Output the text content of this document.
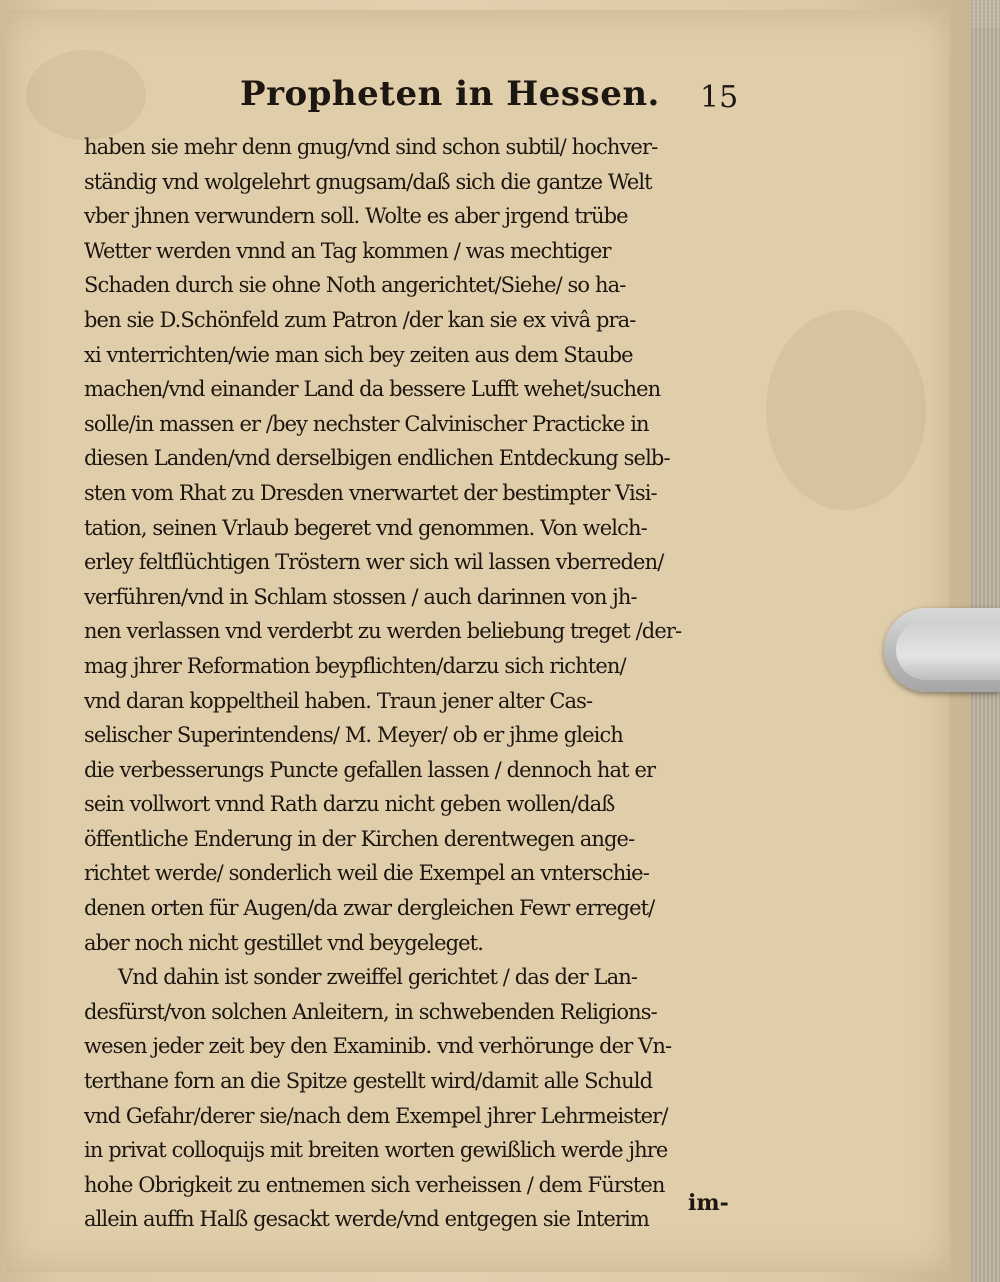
Propheten in Hessen. 15
haben sie mehr denn gnug/vnd sind schon subtil/ hochver-
ständig vnd wolgelehrt gnugsam/daß sich die gantze Welt
vber jhnen verwundern soll. Wolte es aber jrgend trübe
Wetter werden vnnd an Tag kommen / was mechtiger
Schaden durch sie ohne Noth angerichtet/Siehe/ so ha-
ben sie D.Schönfeld zum Patron /der kan sie ex vivâ pra-
xi vnterrichten/wie man sich bey zeiten aus dem Staube
machen/vnd einander Land da bessere Lufft wehet/suchen
solle/in massen er /bey nechster Calvinischer Practicke in
diesen Landen/vnd derselbigen endlichen Entdeckung selb-
sten vom Rhat zu Dresden vnerwartet der bestimpter Visi-
tation, seinen Vrlaub begeret vnd genommen. Von welch-
erley feltflüchtigen Tröstern wer sich wil lassen vberreden/
verführen/vnd in Schlam stossen / auch darinnen von jh-
nen verlassen vnd verderbt zu werden beliebung treget /der-
mag jhrer Reformation beypflichten/darzu sich richten/
vnd daran koppeltheil haben. Traun jener alter Cas-
selischer Superintendens/ M. Meyer/ ob er jhme gleich
die verbesserungs Puncte gefallen lassen / dennoch hat er
sein vollwort vnnd Rath darzu nicht geben wollen/daß
öffentliche Enderung in der Kirchen derentwegen ange-
richtet werde/ sonderlich weil die Exempel an vnterschie-
denen orten für Augen/da zwar dergleichen Fewr erreget/
aber noch nicht gestillet vnd beygeleget.
Vnd dahin ist sonder zweiffel gerichtet / das der Lan-
desfürst/von solchen Anleitern, in schwebenden Religions-
wesen jeder zeit bey den Examinib. vnd verhörunge der Vn-
terthane forn an die Spitze gestellt wird/damit alle Schuld
vnd Gefahr/derer sie/nach dem Exempel jhrer Lehrmeister/
in privat colloquijs mit breiten worten gewißlich werde jhre
hohe Obrigkeit zu entnemen sich verheissen / dem Fürsten
allein auffn Halß gesackt werde/vnd entgegen sie Interim
im-
